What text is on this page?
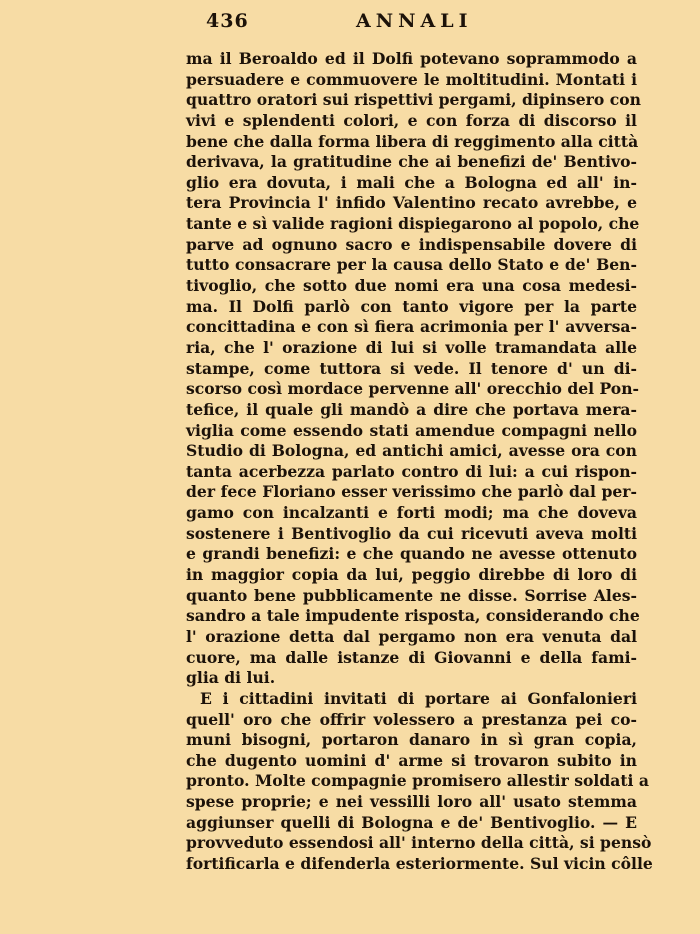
436	ANNALI
ma il Beroaldo ed il Dolfi potevano soprammodo a
persuadere e commuovere le moltitudini. Montati i
quattro oratori sui rispettivi pergami, dipinsero con
vivi e splendenti colori, e con forza di discorso il
bene che dalla forma libera di reggimento alla città
derivava, la gratitudine che ai benefizi de' Bentivo-
glio era dovuta, i mali che a Bologna ed all' in-
tera Provincia l' infido Valentino recato avrebbe, e
tante e sì valide ragioni dispiegarono al popolo, che
parve ad ognuno sacro e indispensabile dovere di
tutto consacrare per la causa dello Stato e de' Ben-
tivoglio, che sotto due nomi era una cosa medesi-
ma. Il Dolfi parlò con tanto vigore per la parte
concittadina e con sì fiera acrimonia per l' avversa-
ria, che l' orazione di lui si volle tramandata alle
stampe, come tuttora si vede. Il tenore d' un di-
scorso così mordace pervenne all' orecchio del Pon-
tefice, il quale gli mandò a dire che portava mera-
viglia come essendo stati amendue compagni nello
Studio di Bologna, ed antichi amici, avesse ora con
tanta acerbezza parlato contro di lui: a cui rispon-
der fece Floriano esser verissimo che parlò dal per-
gamo con incalzanti e forti modi; ma che doveva
sostenere i Bentivoglio da cui ricevuti aveva molti
e grandi benefizi: e che quando ne avesse ottenuto
in maggior copia da lui, peggio direbbe di loro di
quanto bene pubblicamente ne disse. Sorrise Ales-
sandro a tale impudente risposta, considerando che
l' orazione detta dal pergamo non era venuta dal
cuore, ma dalle istanze di Giovanni e della fami-
glia di lui.
E i cittadini invitati di portare ai Gonfalonieri
quell' oro che offrir volessero a prestanza pei co-
muni bisogni, portaron danaro in sì gran copia,
che dugento uomini d' arme si trovaron subito in
pronto. Molte compagnie promisero allestir soldati a
spese proprie; e nei vessilli loro all' usato stemma
aggiunser quelli di Bologna e de' Bentivoglio. — E
provveduto essendosi all' interno della città, si pensò
fortificarla e difenderla esteriormente. Sul vicin côlle
